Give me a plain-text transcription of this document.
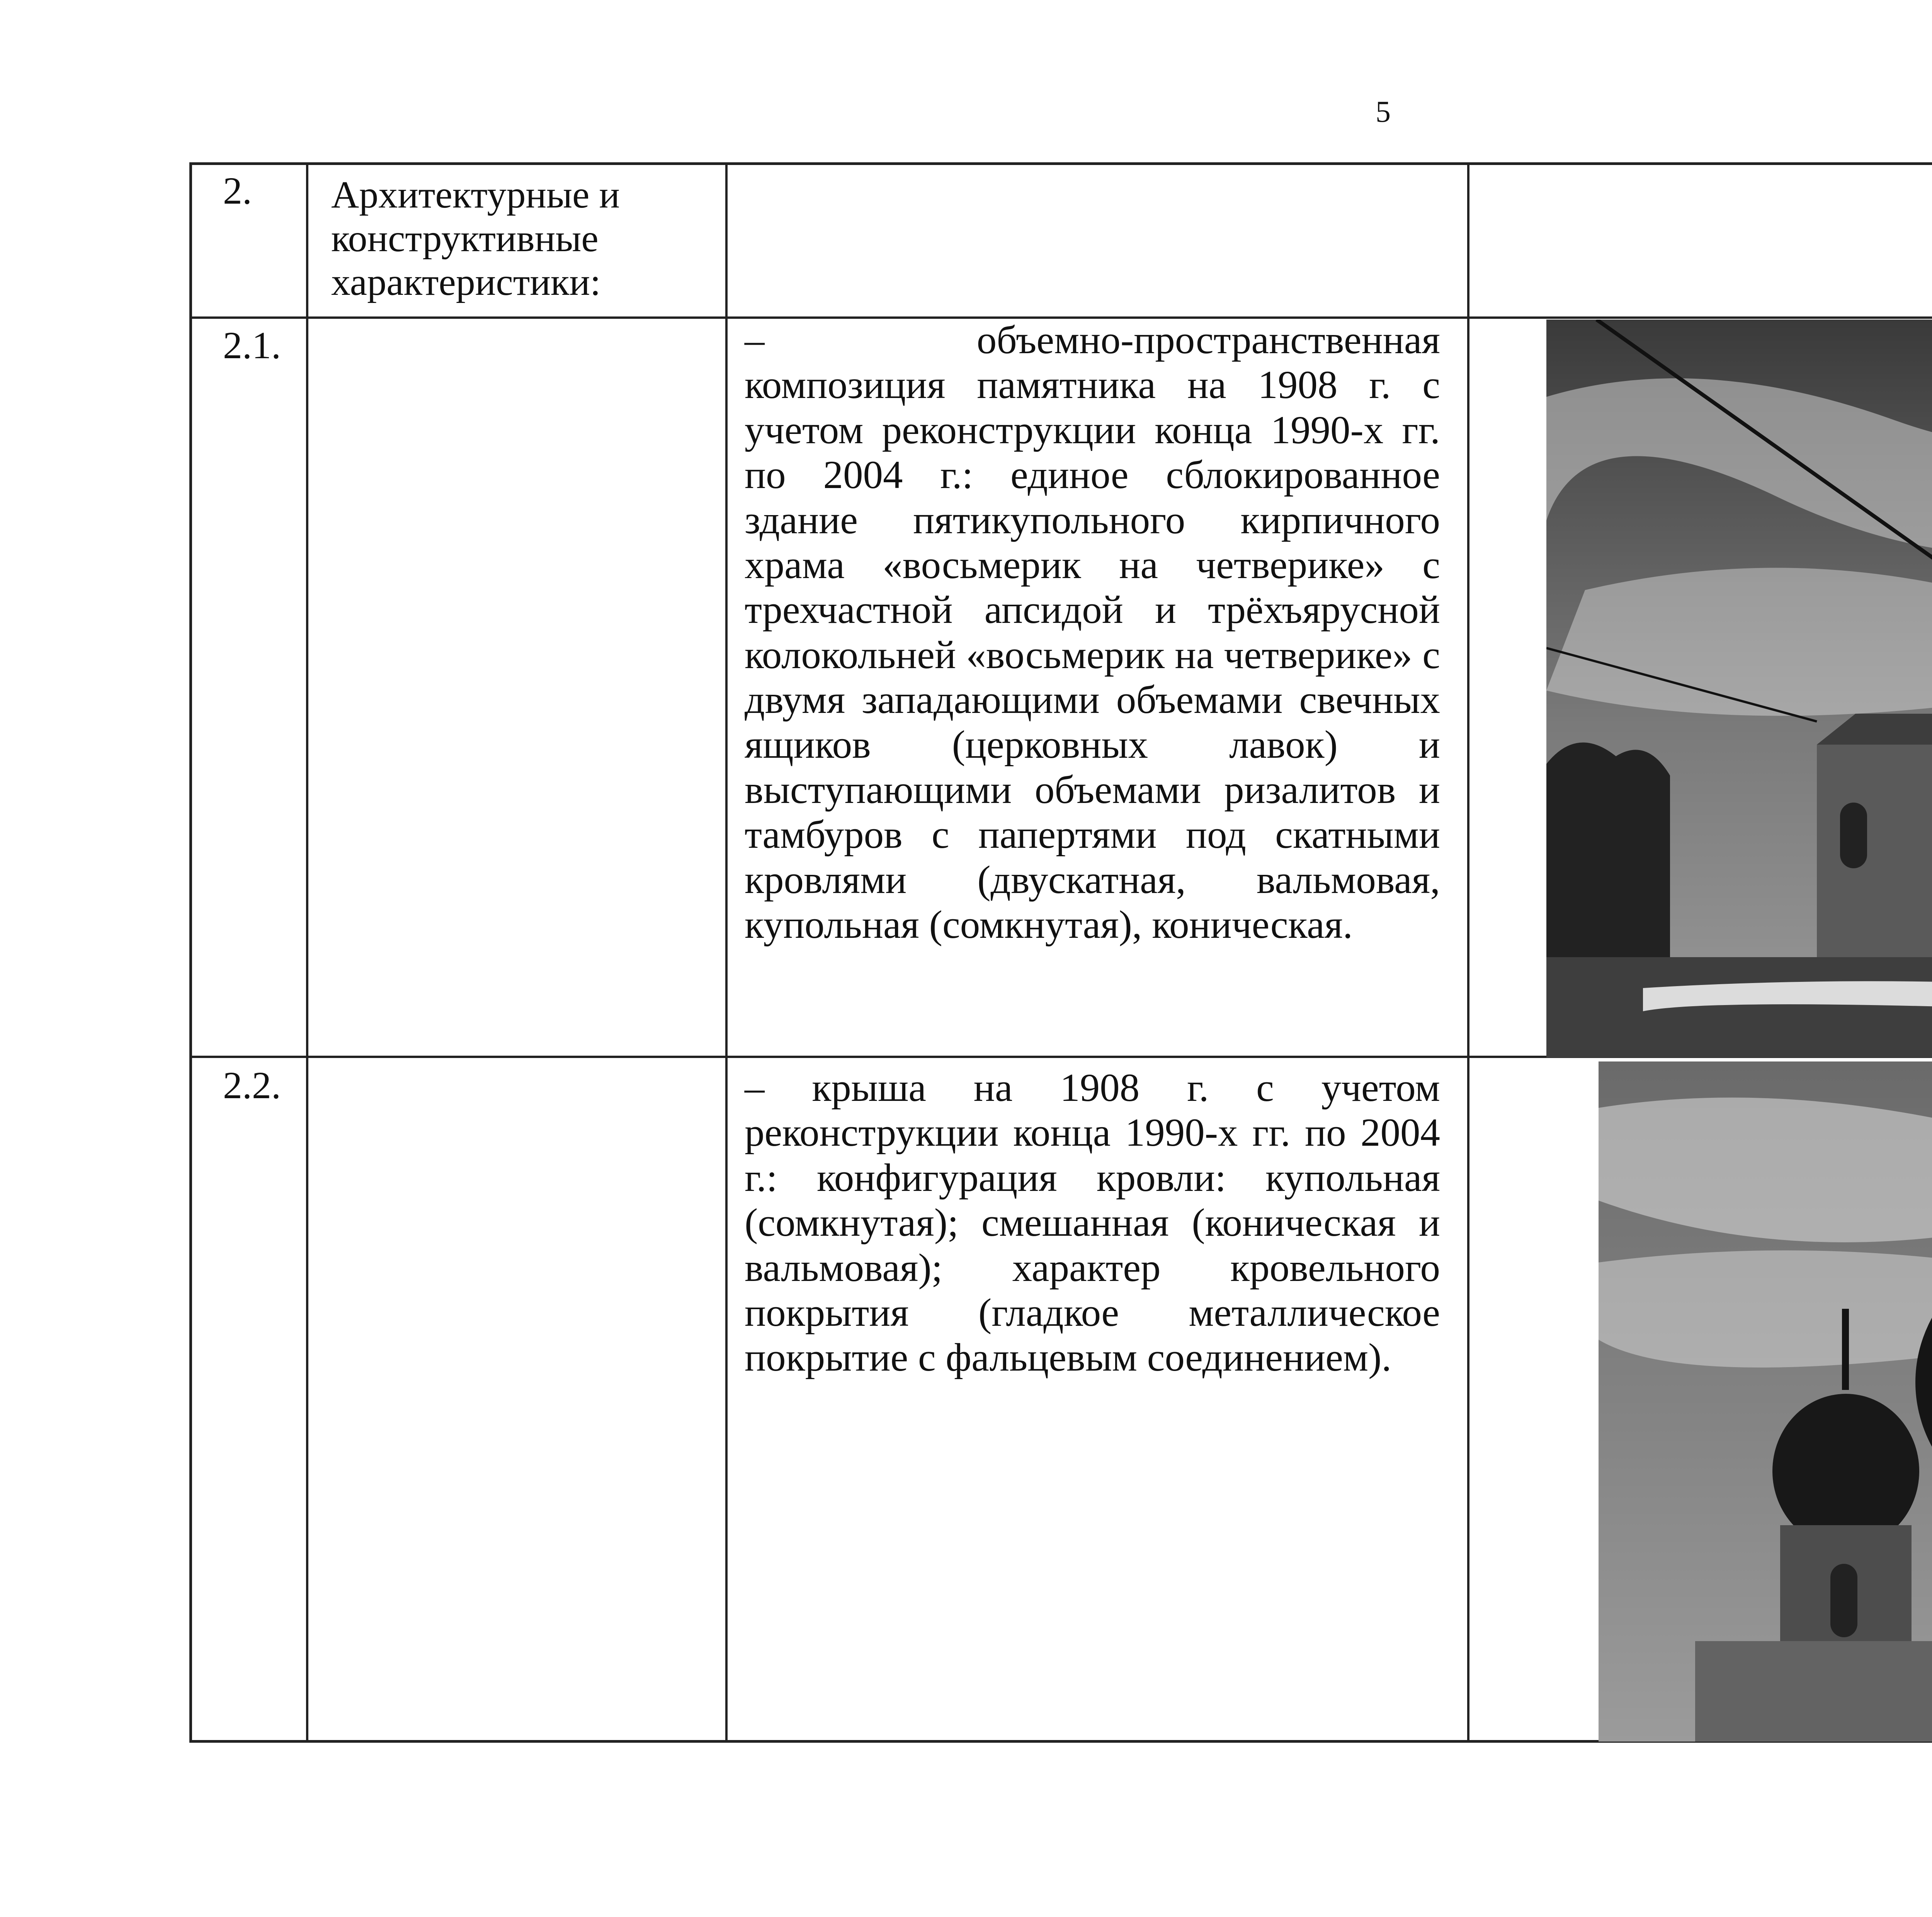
5
2. Архитектурные и
конструктивные
характеристики:
2.1.	– объемно-пространственная композиция памятника на 1908 г. с учетом реконструкции конца 1990-х гг. по 2004 г.: единое сблокированное здание пятикупольного кирпичного храма «восьмерик на четверике» с трехчастной апсидой и трёхъярусной колокольней «восьмерик на четверике» с двумя западающими объемами свечных ящиков (церковных лавок) и выступающими объемами ризалитов и тамбуров с папертями под скатными кровлями (двускатная, вальмовая, купольная (сомкнутая), коническая.
2.2.	– крыша на 1908 г. с учетом реконструкции конца 1990-х гг. по 2004 г.: конфигурация кровли: купольная (сомкнутая); смешанная (коническая и вальмовая); характер кровельного покрытия (гладкое металлическое покрытие с фальцевым соединением).
